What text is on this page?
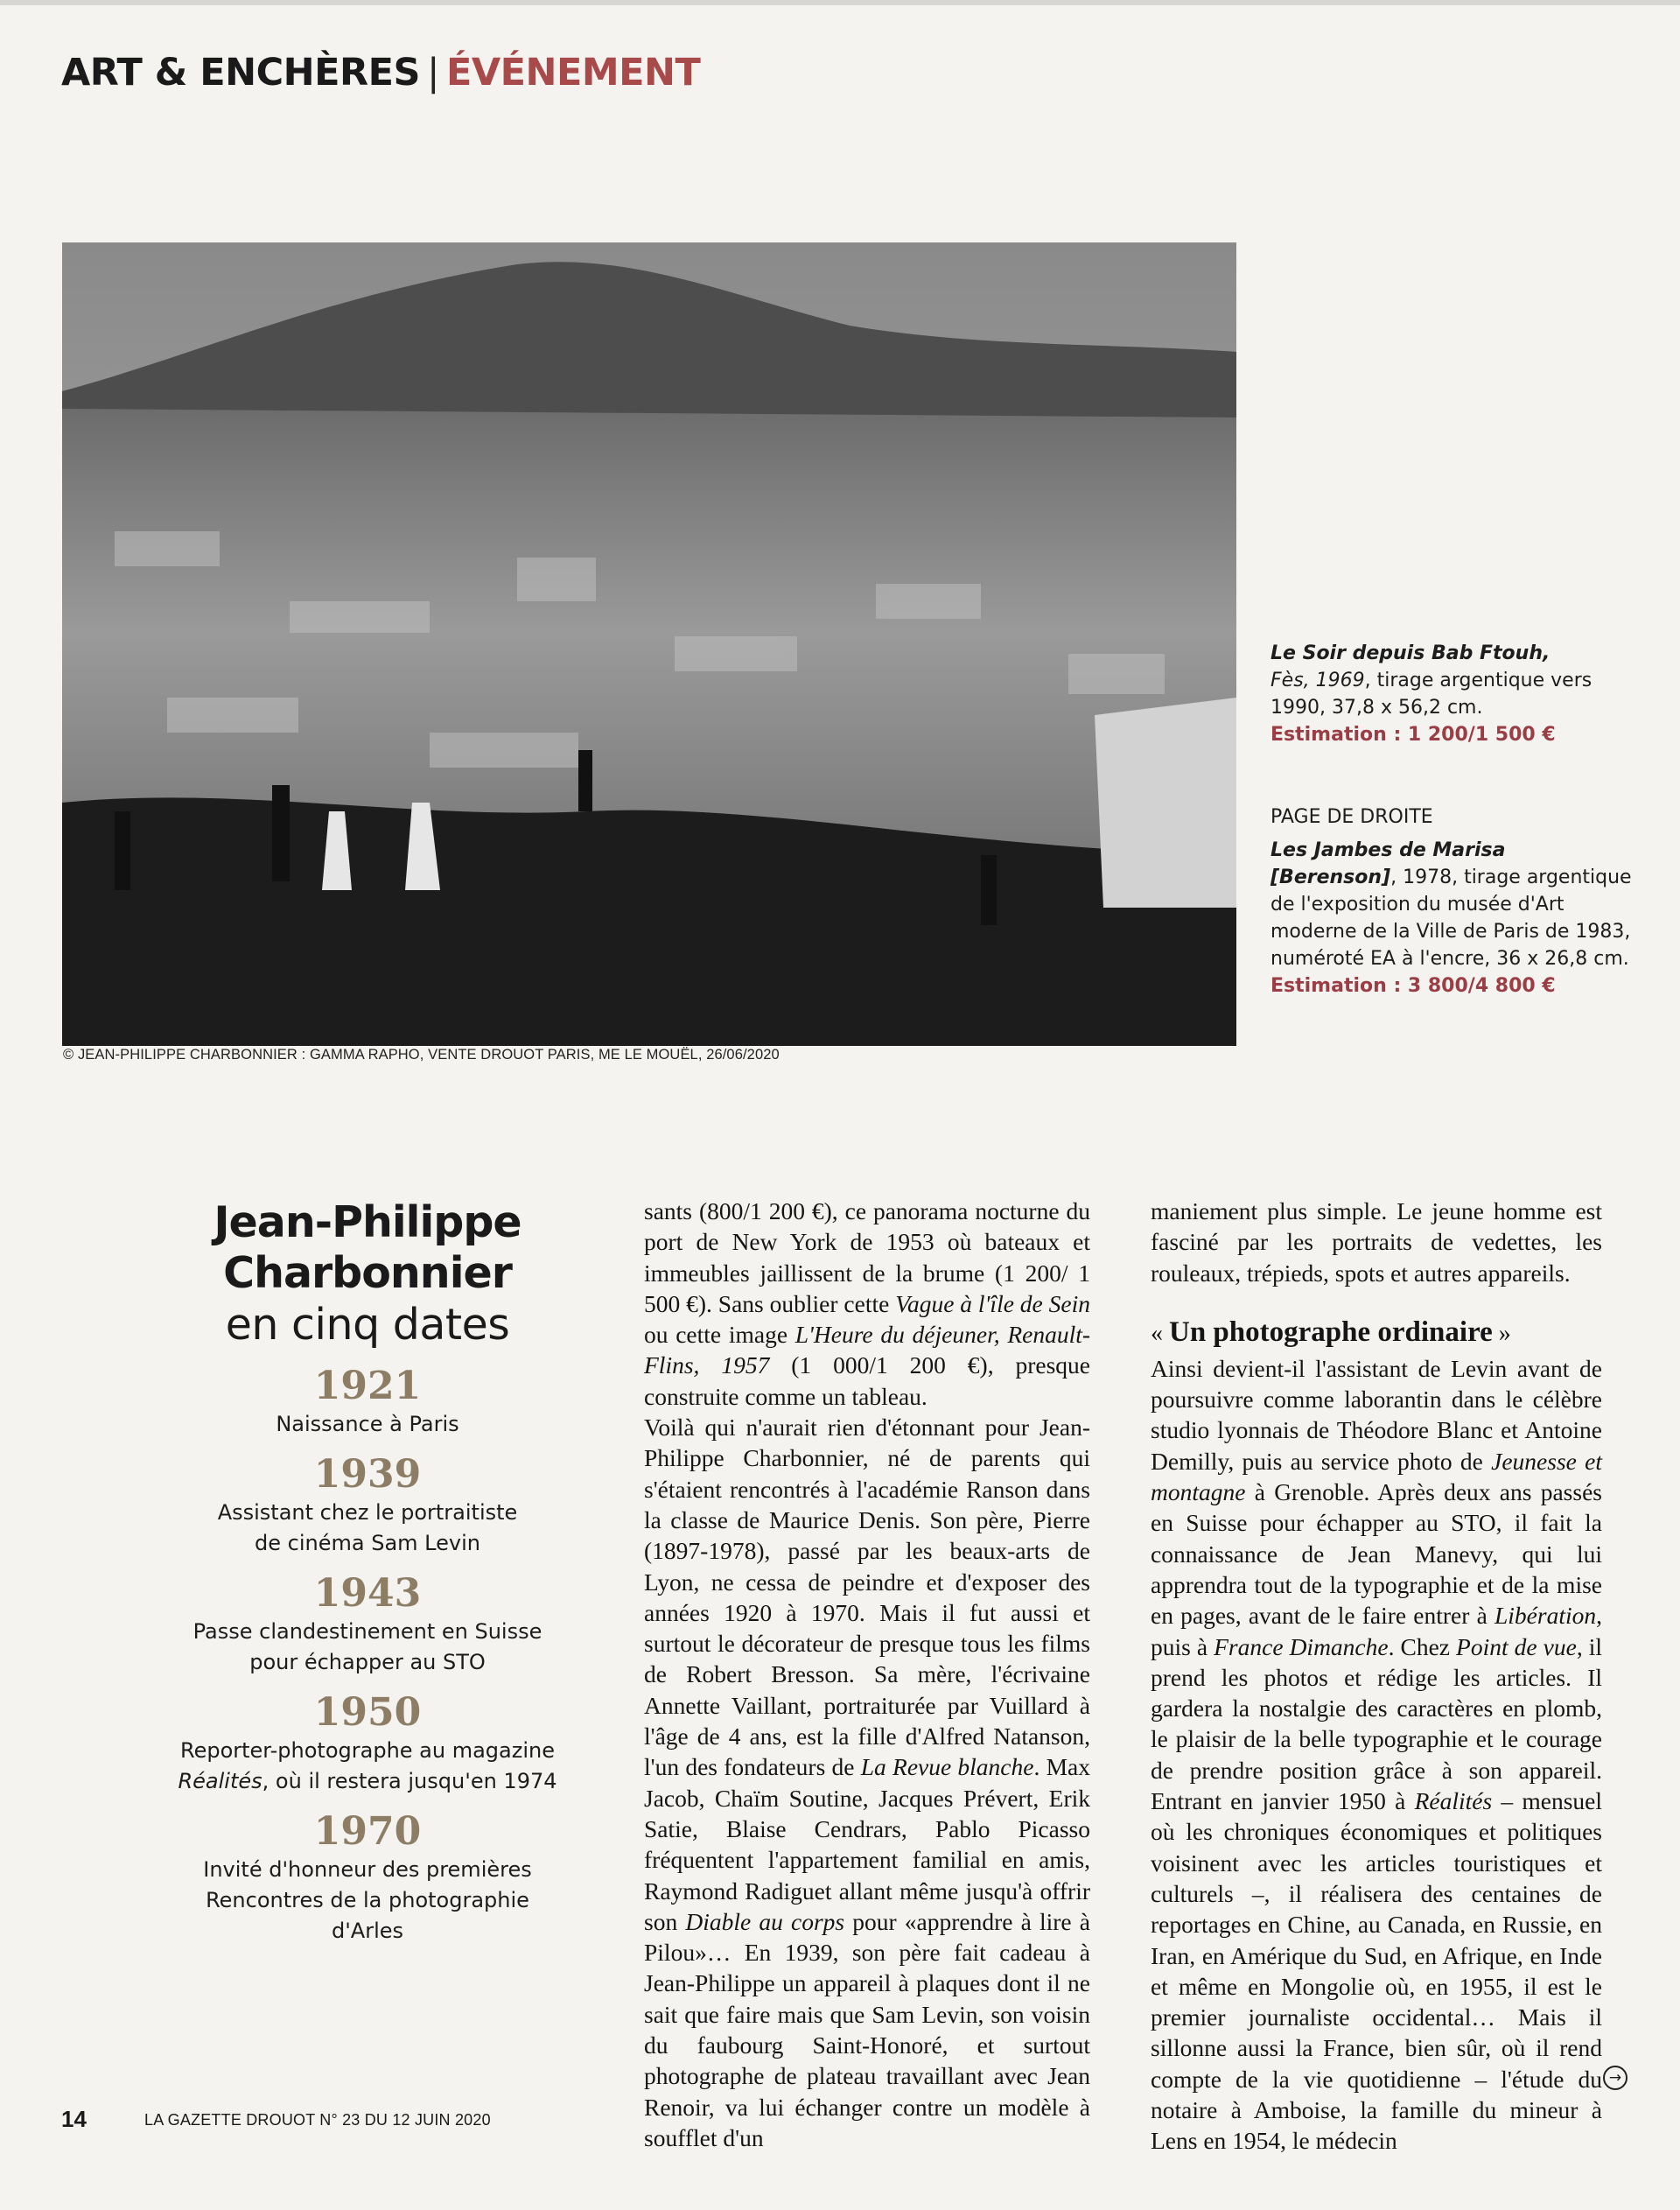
ART & ENCHÈRES | ÉVÉNEMENT
© JEAN-PHILIPPE CHARBONNIER : GAMMA RAPHO, VENTE DROUOT PARIS, ME LE MOUËL, 26/06/2020
Le Soir depuis Bab Ftouh,
Fès, 1969, tirage argentique vers 1990, 37,8 x 56,2 cm.
Estimation : 1 200/1 500 €
PAGE DE DROITE
Les Jambes de Marisa [Berenson], 1978, tirage argentique de l'exposition du musée d'Art moderne de la Ville de Paris de 1983, numéroté EA à l'encre, 36 x 26,8 cm.
Estimation : 3 800/4 800 €
Jean-Philippe Charbonnier
en cinq dates
1921
Naissance à Paris
1939
Assistant chez le portraitiste de cinéma Sam Levin
1943
Passe clandestinement en Suisse pour échapper au STO
1950
Reporter-photographe au magazine Réalités, où il restera jusqu'en 1974
1970
Invité d'honneur des premières Rencontres de la photographie d'Arles

sants (800/1 200 €), ce panorama nocturne du port de New York de 1953 où bateaux et immeubles jaillissent de la brume (1 200/ 1 500 €). Sans oublier cette Vague à l'île de Sein ou cette image L'Heure du déjeuner, Renault-Flins, 1957 (1 000/1 200 €), presque construite comme un tableau.

Voilà qui n'aurait rien d'étonnant pour Jean-Philippe Charbonnier, né de parents qui s'étaient rencontrés à l'académie Ranson dans la classe de Maurice Denis. Son père, Pierre (1897-1978), passé par les beaux-arts de Lyon, ne cessa de peindre et d'exposer des années 1920 à 1970. Mais il fut aussi et surtout le décorateur de presque tous les films de Robert Bresson. Sa mère, l'écrivaine Annette Vaillant, portraiturée par Vuillard à l'âge de 4 ans, est la fille d'Alfred Natanson, l'un des fondateurs de La Revue blanche. Max Jacob, Chaïm Soutine, Jacques Prévert, Erik Satie, Blaise Cendrars, Pablo Picasso fréquentent l'appartement familial en amis, Raymond Radiguet allant même jusqu'à offrir son Diable au corps pour «apprendre à lire à Pilou»… En 1939, son père fait cadeau à Jean-Philippe un appareil à plaques dont il ne sait que faire mais que Sam Levin, son voisin du faubourg Saint-Honoré, et surtout photographe de plateau travaillant avec Jean Renoir, va lui échanger contre un modèle à soufflet d'un

maniement plus simple. Le jeune homme est fasciné par les portraits de vedettes, les rouleaux, trépieds, spots et autres appareils.

« Un photographe ordinaire »

Ainsi devient-il l'assistant de Levin avant de poursuivre comme laborantin dans le célèbre studio lyonnais de Théodore Blanc et Antoine Demilly, puis au service photo de Jeunesse et montagne à Grenoble. Après deux ans passés en Suisse pour échapper au STO, il fait la connaissance de Jean Manevy, qui lui apprendra tout de la typographie et de la mise en pages, avant de le faire entrer à Libération, puis à France Dimanche. Chez Point de vue, il prend les photos et rédige les articles. Il gardera la nostalgie des caractères en plomb, le plaisir de la belle typographie et le courage de prendre position grâce à son appareil. Entrant en janvier 1950 à Réalités – mensuel où les chroniques économiques et politiques voisinent avec les articles touristiques et culturels –, il réalisera des centaines de reportages en Chine, au Canada, en Russie, en Iran, en Amérique du Sud, en Afrique, en Inde et même en Mongolie où, en 1955, il est le premier journaliste occidental… Mais il sillonne aussi la France, bien sûr, où il rend compte de la vie quotidienne – l'étude du notaire à Amboise, la famille du mineur à Lens en 1954, le médecin

→
14	LA GAZETTE DROUOT N° 23 DU 12 JUIN 2020
